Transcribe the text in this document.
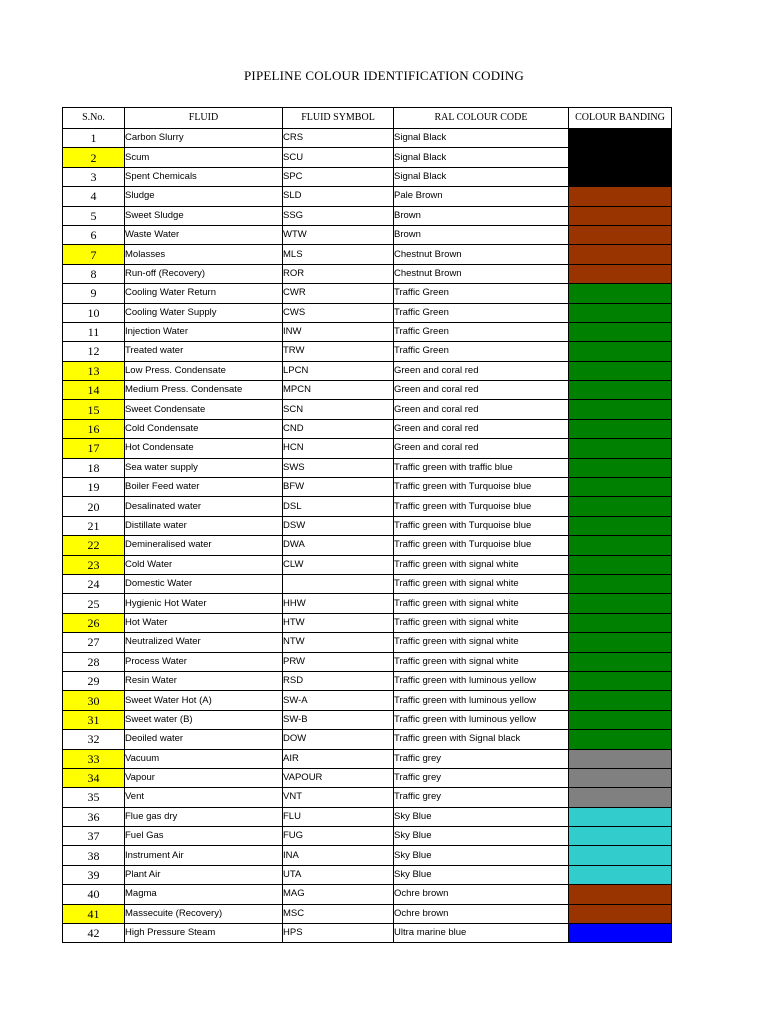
PIPELINE COLOUR IDENTIFICATION CODING
S.No.	FLUID	FLUID SYMBOL	RAL COLOUR CODE	COLOUR BANDING
1	Carbon Slurry	CRS	Signal Black	
2	Scum	SCU	Signal Black	
3	Spent Chemicals	SPC	Signal Black	
4	Sludge	SLD	Pale Brown	
5	Sweet Sludge	SSG	Brown	
6	Waste Water	WTW	Brown	
7	Molasses	MLS	Chestnut Brown	
8	Run-off (Recovery)	ROR	Chestnut Brown	
9	Cooling Water Return	CWR	Traffic Green	
10	Cooling Water Supply	CWS	Traffic Green	
11	Injection Water	INW	Traffic Green	
12	Treated water	TRW	Traffic Green	
13	Low Press. Condensate	LPCN	Green and coral red	
14	Medium Press. Condensate	MPCN	Green and coral red	
15	Sweet Condensate	SCN	Green and coral red	
16	Cold Condensate	CND	Green and coral red	
17	Hot Condensate	HCN	Green and coral red	
18	Sea water supply	SWS	Traffic green with traffic blue	
19	Boiler Feed water	BFW	Traffic green with Turquoise blue	
20	Desalinated water	DSL	Traffic green with Turquoise blue	
21	Distillate water	DSW	Traffic green with Turquoise blue	
22	Demineralised water	DWA	Traffic green with Turquoise blue	
23	Cold Water	CLW	Traffic green with signal white	
24	Domestic Water		Traffic green with signal white	
25	Hygienic Hot Water	HHW	Traffic green with signal white	
26	Hot Water	HTW	Traffic green with signal white	
27	Neutralized Water	NTW	Traffic green with signal white	
28	Process Water	PRW	Traffic green with signal white	
29	Resin Water	RSD	Traffic green with luminous yellow	
30	Sweet Water Hot (A)	SW-A	Traffic green with luminous yellow	
31	Sweet water (B)	SW-B	Traffic green with luminous yellow	
32	Deoiled water	DOW	Traffic green with Signal black	
33	Vacuum	AIR	Traffic grey	
34	Vapour	VAPOUR	Traffic grey	
35	Vent	VNT	Traffic grey	
36	Flue gas dry	FLU	Sky Blue	
37	Fuel Gas	FUG	Sky Blue	
38	Instrument Air	INA	Sky Blue	
39	Plant Air	UTA	Sky Blue	
40	Magma	MAG	Ochre brown	
41	Massecuite (Recovery)	MSC	Ochre brown	
42	High Pressure Steam	HPS	Ultra marine blue	
